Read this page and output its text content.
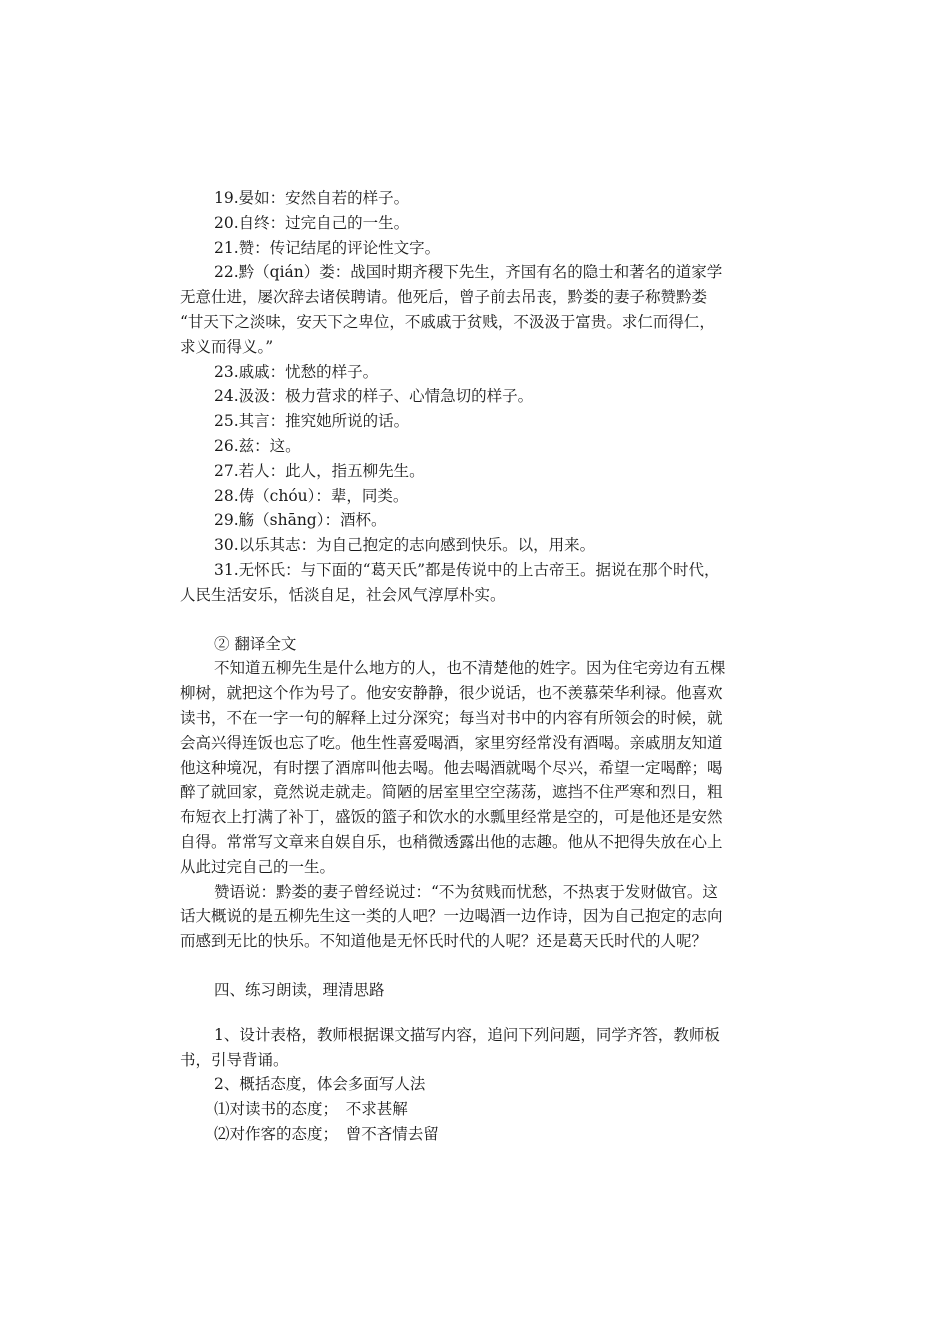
19.晏如：安然自若的样子。
20.自终：过完自己的一生。
21.赞：传记结尾的评论性文字。
22.黔（qián）娄：战国时期齐稷下先生，齐国有名的隐士和著名的道家学
无意仕进，屡次辞去诸侯聘请。他死后，曾子前去吊丧，黔娄的妻子称赞黔娄
“甘天下之淡味，安天下之卑位，不戚戚于贫贱，不汲汲于富贵。求仁而得仁，
求义而得义。”
23.戚戚：忧愁的样子。
24.汲汲：极力营求的样子、心情急切的样子。
25.其言：推究她所说的话。
26.兹：这。
27.若人：此人，指五柳先生。
28.俦（chóu）：辈，同类。
29.觞（shāng）：酒杯。
30.以乐其志：为自己抱定的志向感到快乐。以，用来。
31.无怀氏：与下面的“葛天氏”都是传说中的上古帝王。据说在那个时代，
人民生活安乐，恬淡自足，社会风气淳厚朴实。
② 翻译全文
不知道五柳先生是什么地方的人，也不清楚他的姓字。因为住宅旁边有五棵
柳树，就把这个作为号了。他安安静静，很少说话，也不羡慕荣华利禄。他喜欢
读书，不在一字一句的解释上过分深究；每当对书中的内容有所领会的时候，就
会高兴得连饭也忘了吃。他生性喜爱喝酒，家里穷经常没有酒喝。亲戚朋友知道
他这种境况，有时摆了酒席叫他去喝。他去喝酒就喝个尽兴，希望一定喝醉；喝
醉了就回家，竟然说走就走。简陋的居室里空空荡荡，遮挡不住严寒和烈日，粗
布短衣上打满了补丁，盛饭的篮子和饮水的水瓢里经常是空的，可是他还是安然
自得。常常写文章来自娱自乐，也稍微透露出他的志趣。他从不把得失放在心上
从此过完自己的一生。
赞语说：黔娄的妻子曾经说过：“不为贫贱而忧愁，不热衷于发财做官。这
话大概说的是五柳先生这一类的人吧？一边喝酒一边作诗，因为自己抱定的志向
而感到无比的快乐。不知道他是无怀氏时代的人呢？还是葛天氏时代的人呢？
四、练习朗读，理清思路
1、设计表格，教师根据课文描写内容，追问下列问题，同学齐答，教师板
书，引导背诵。
2、概括态度，体会多面写人法
⑴对读书的态度；　不求甚解
⑵对作客的态度；　曾不吝情去留
